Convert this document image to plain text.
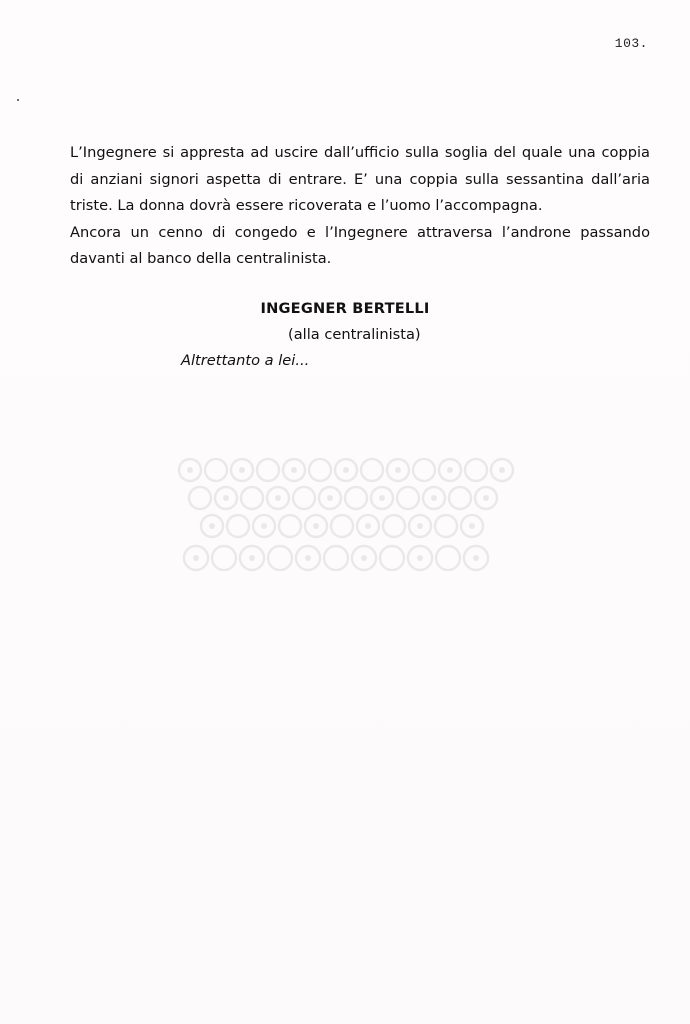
103.

L’Ingegnere si appresta ad uscire dall’ufficio sulla soglia del quale una coppia di anziani signori aspetta di entrare. E’ una coppia sulla sessantina dall’aria triste. La donna dovrà essere ricoverata e l’uomo l’accompagna.

Ancora un cenno di congedo e l’Ingegnere attraversa l’androne passando davanti al banco della centralinista.

INGEGNER BERTELLI
(alla centralinista)
Altrettanto a lei...
